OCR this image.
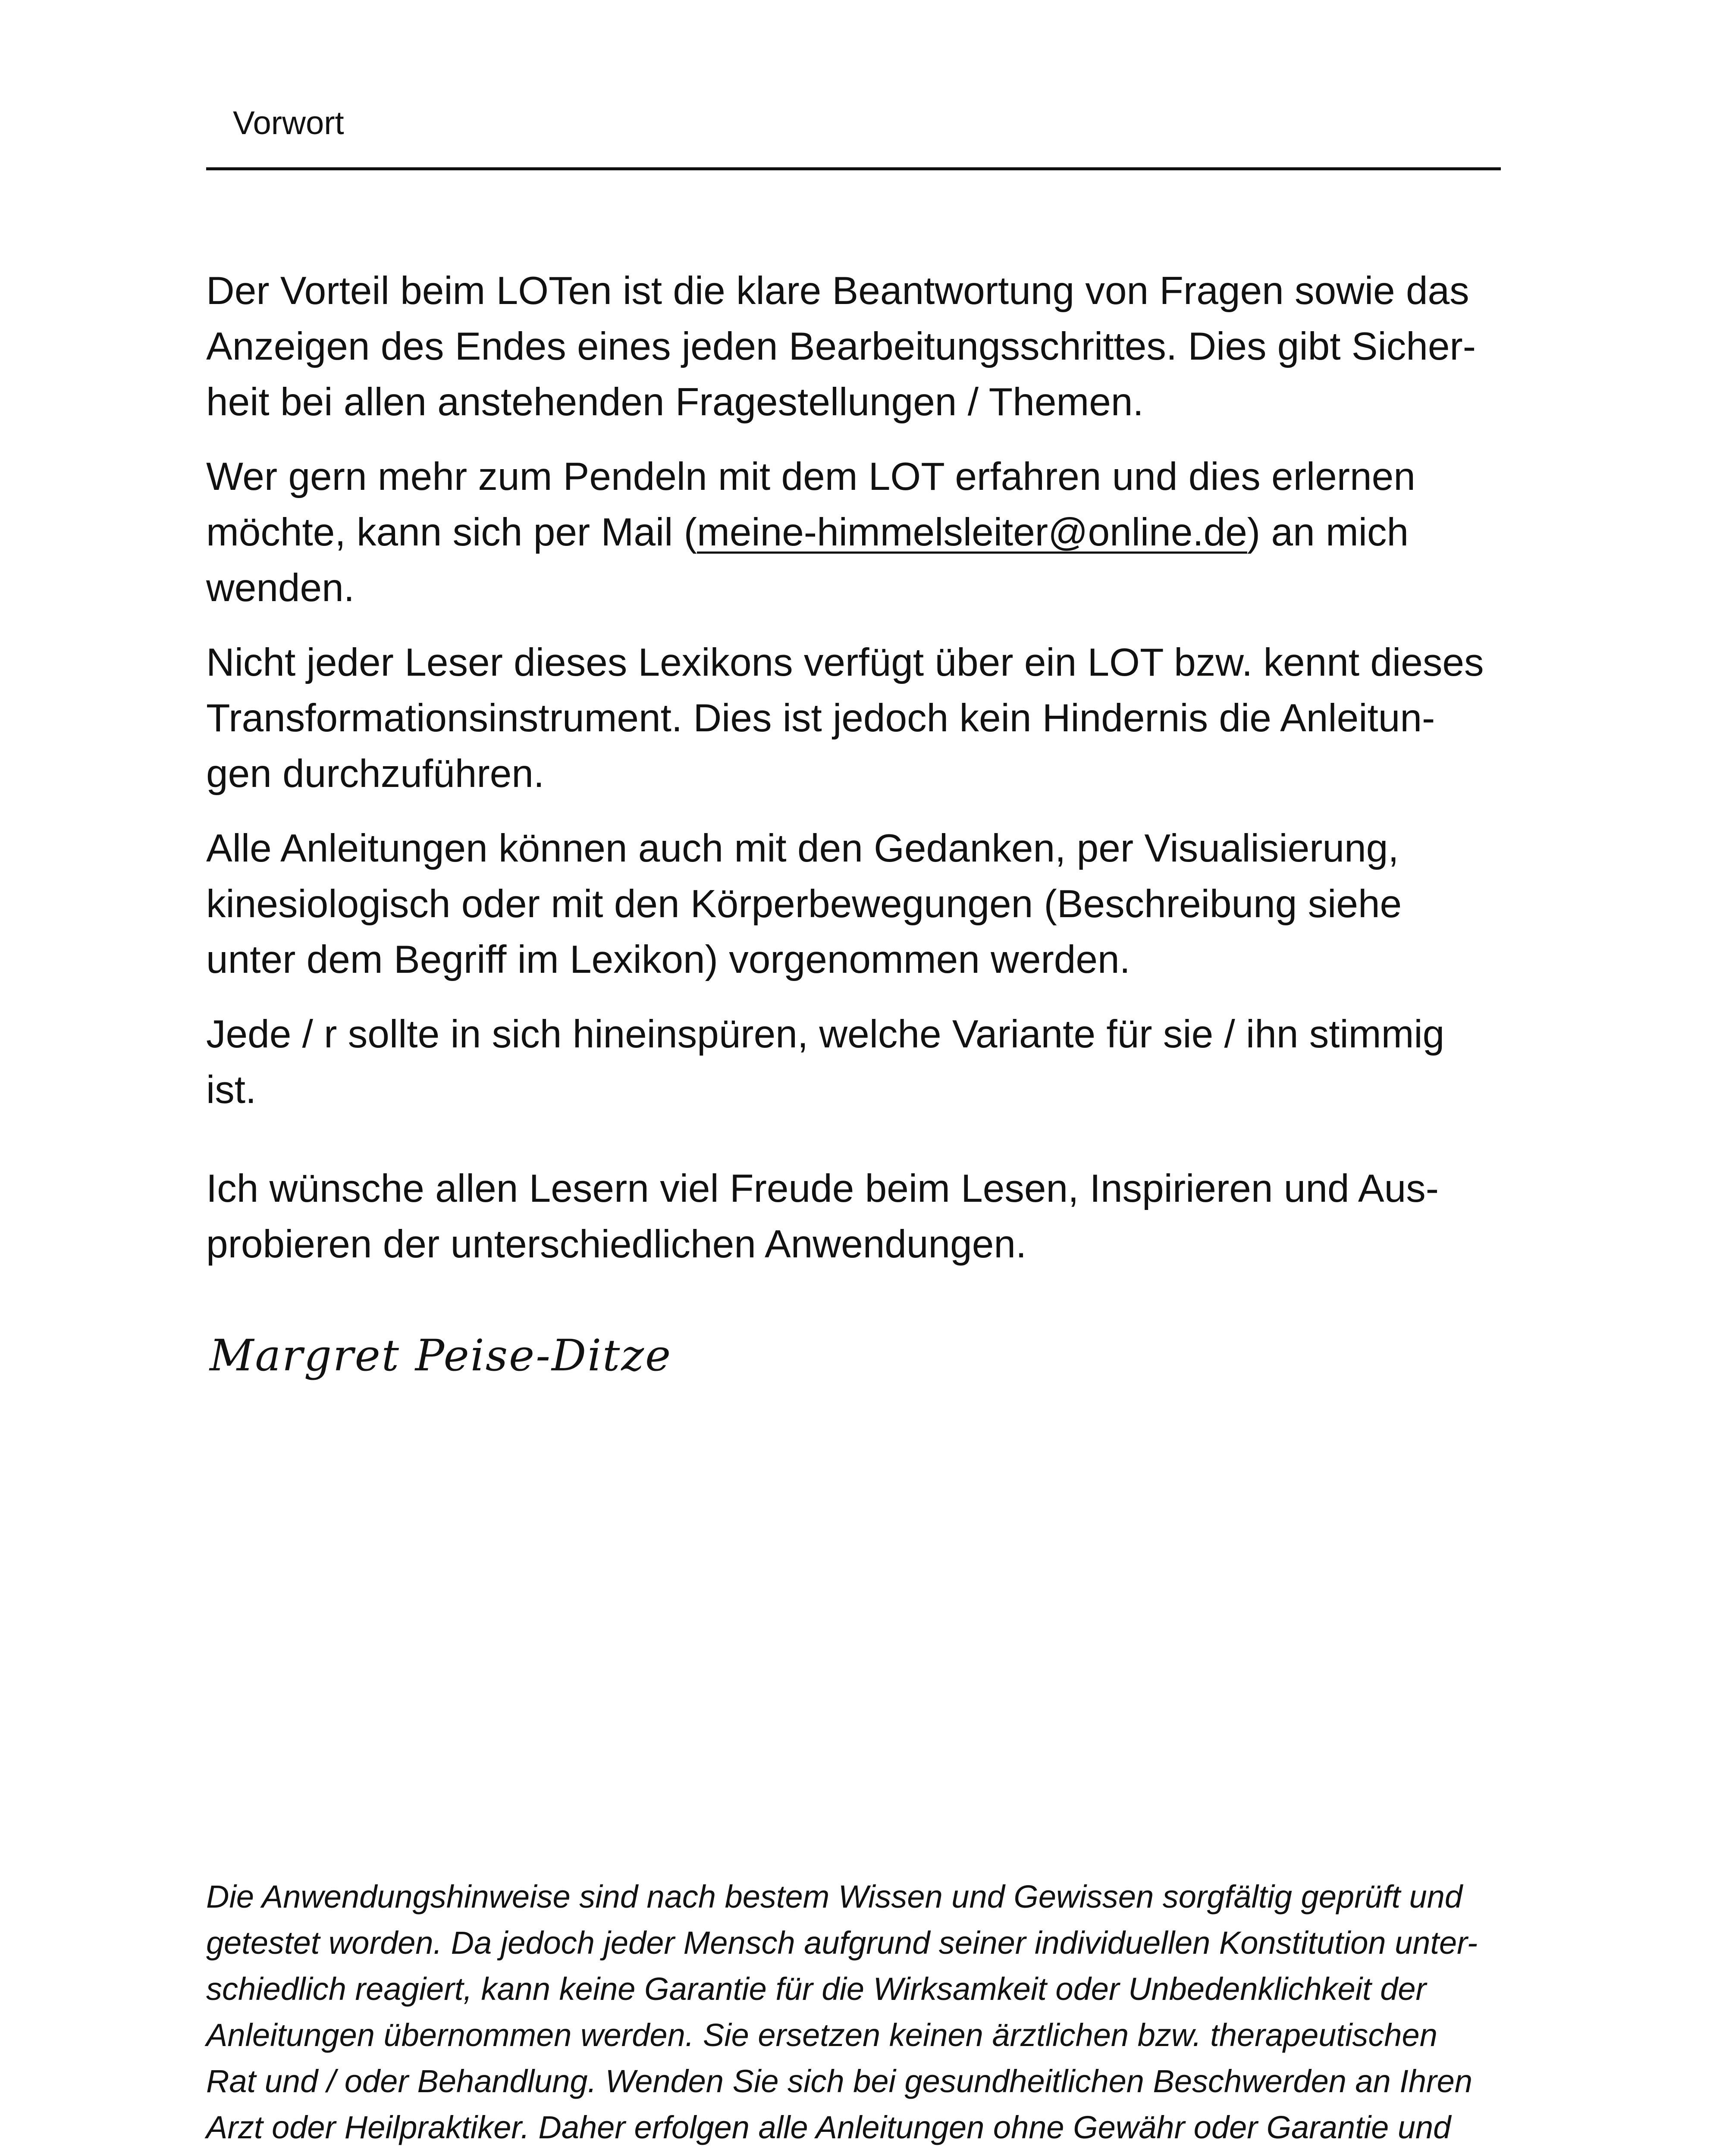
Vorwort

Der Vorteil beim LOTen ist die klare Beantwortung von Fragen sowie das
Anzeigen des Endes eines jeden Bearbeitungsschrittes. Dies gibt Sicher-
heit bei allen anstehenden Fragestellungen / Themen.

Wer gern mehr zum Pendeln mit dem LOT erfahren und dies erlernen
möchte, kann sich per Mail (meine-himmelsleiter@online.de) an mich
wenden.

Nicht jeder Leser dieses Lexikons verfügt über ein LOT bzw. kennt dieses
Transformationsinstrument. Dies ist jedoch kein Hindernis die Anleitun-
gen durchzuführen.

Alle Anleitungen können auch mit den Gedanken, per Visualisierung,
kinesiologisch oder mit den Körperbewegungen (Beschreibung siehe
unter dem Begriff im Lexikon) vorgenommen werden.

Jede / r sollte in sich hineinspüren, welche Variante für sie / ihn stimmig
ist.

Ich wünsche allen Lesern viel Freude beim Lesen, Inspirieren und Aus-
probieren der unterschiedlichen Anwendungen.

Margret Peise-Ditze

Die Anwendungshinweise sind nach bestem Wissen und Gewissen sorgfältig geprüft und
getestet worden. Da jedoch jeder Mensch aufgrund seiner individuellen Konstitution unter-
schiedlich reagiert, kann keine Garantie für die Wirksamkeit oder Unbedenklichkeit der
Anleitungen übernommen werden. Sie ersetzen keinen ärztlichen bzw. therapeutischen
Rat und / oder Behandlung. Wenden Sie sich bei gesundheitlichen Beschwerden an Ihren
Arzt oder Heilpraktiker. Daher erfolgen alle Anleitungen ohne Gewähr oder Garantie und
